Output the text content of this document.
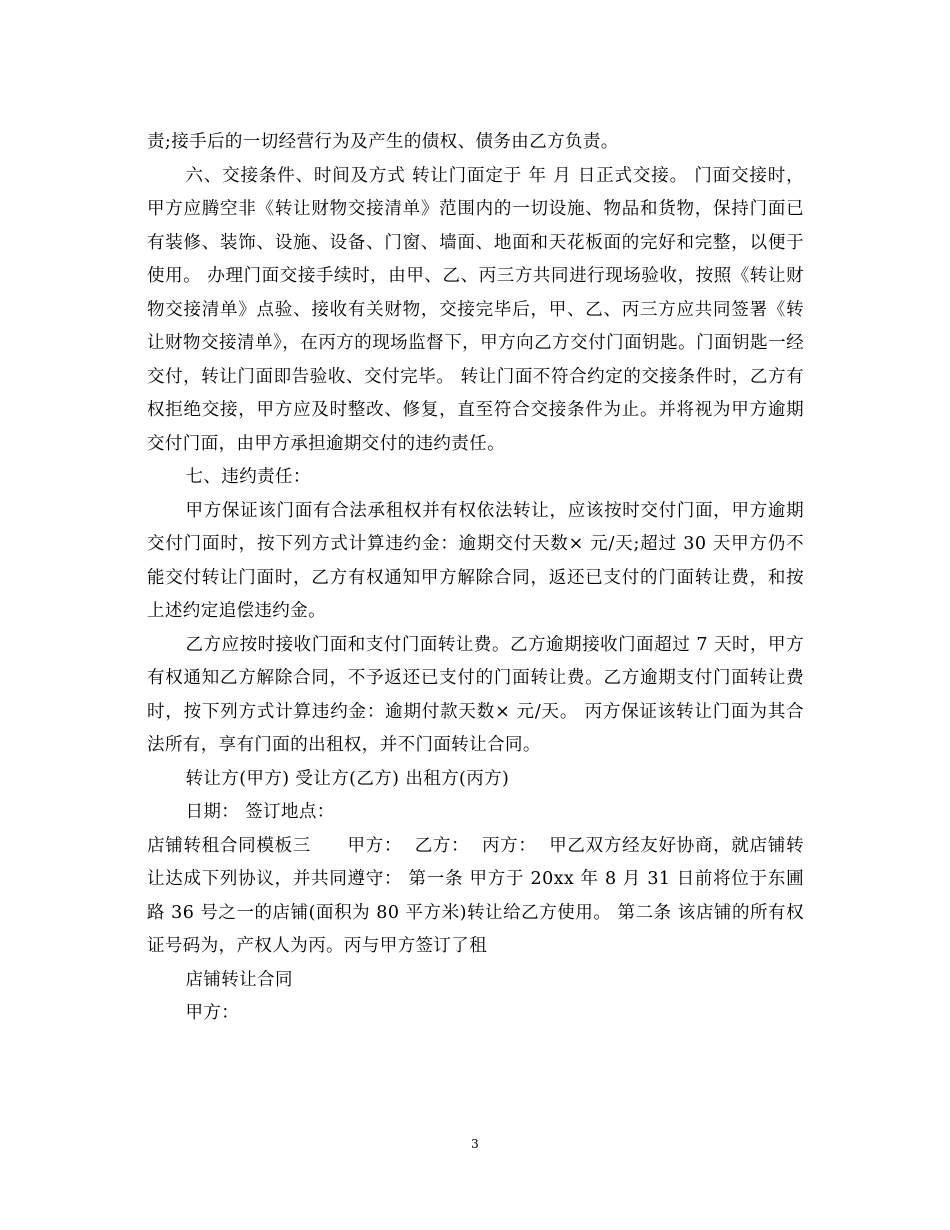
责;接手后的一切经营行为及产生的债权、债务由乙方负责。

六、交接条件、时间及方式 转让门面定于 年 月 日正式交接。 门面交接时，甲方应腾空非《转让财物交接清单》范围内的一切设施、物品和货物，保持门面已有装修、装饰、设施、设备、门窗、墙面、地面和天花板面的完好和完整，以便于使用。 办理门面交接手续时，由甲、乙、丙三方共同进行现场验收，按照《转让财物交接清单》点验、接收有关财物，交接完毕后，甲、乙、丙三方应共同签署《转让财物交接清单》，在丙方的现场监督下，甲方向乙方交付门面钥匙。门面钥匙一经交付，转让门面即告验收、交付完毕。 转让门面不符合约定的交接条件时，乙方有权拒绝交接，甲方应及时整改、修复，直至符合交接条件为止。并将视为甲方逾期交付门面，由甲方承担逾期交付的违约责任。

七、违约责任：

甲方保证该门面有合法承租权并有权依法转让，应该按时交付门面，甲方逾期交付门面时，按下列方式计算违约金：逾期交付天数× 元/天;超过 30 天甲方仍不能交付转让门面时，乙方有权通知甲方解除合同，返还已支付的门面转让费，和按上述约定追偿违约金。

乙方应按时接收门面和支付门面转让费。乙方逾期接收门面超过 7 天时，甲方有权通知乙方解除合同，不予返还已支付的门面转让费。乙方逾期支付门面转让费时，按下列方式计算违约金：逾期付款天数× 元/天。 丙方保证该转让门面为其合法所有，享有门面的出租权，并不门面转让合同。

转让方(甲方) 受让方(乙方) 出租方(丙方)

日期： 签订地点：

店铺转租合同模板三　　甲方：  乙方：  丙方：  甲乙双方经友好协商，就店铺转让达成下列协议，并共同遵守： 第一条 甲方于 20xx 年 8 月 31 日前将位于东圃路 36 号之一的店铺(面积为 80 平方米)转让给乙方使用。 第二条 该店铺的所有权证号码为，产权人为丙。丙与甲方签订了租

店铺转让合同

甲方：

3
